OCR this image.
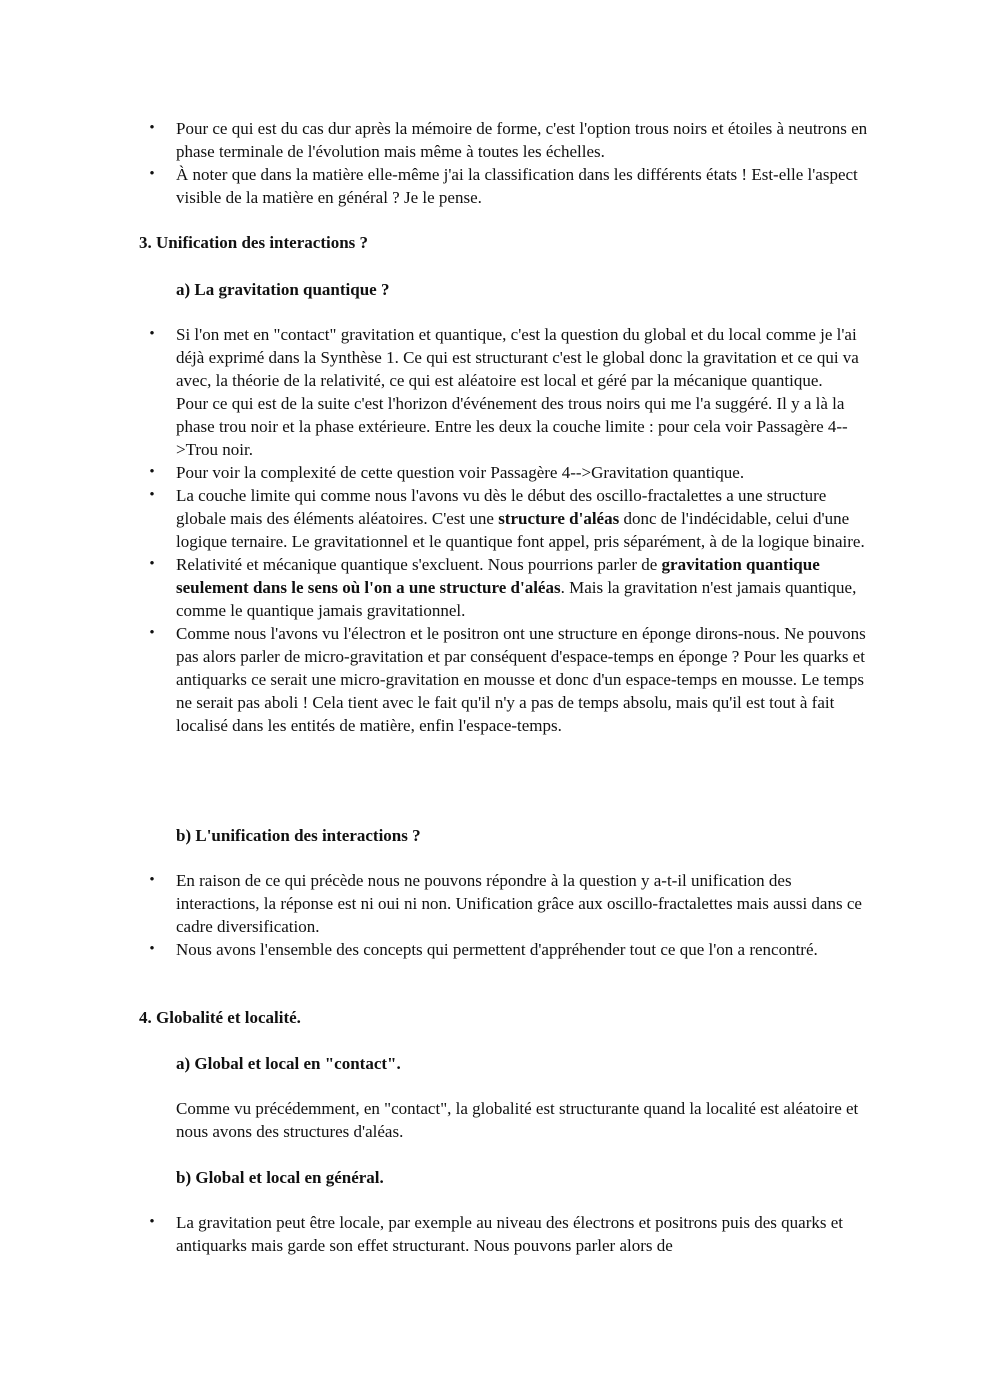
• Pour ce qui est du cas dur après la mémoire de forme, c'est l'option trous noirs et étoiles à neutrons en phase terminale de l'évolution mais même à toutes les échelles.
• À noter que dans la matière elle-même j'ai la classification dans les différents états ! Est-elle l'aspect visible de la matière en général ? Je le pense.
3. Unification des interactions ?
a) La gravitation quantique ?
• Si l'on met en "contact" gravitation et quantique, c'est la question du global et du local comme je l'ai déjà exprimé dans la Synthèse 1. Ce qui est structurant c'est le global donc la gravitation et ce qui va avec, la théorie de la relativité, ce qui est aléatoire est local et géré par la mécanique quantique.
Pour ce qui est de la suite c'est l'horizon d'événement des trous noirs qui me l'a suggéré. Il y a là la phase trou noir et la phase extérieure. Entre les deux la couche limite : pour cela voir Passagère 4-->Trou noir.
• Pour voir la complexité de cette question voir Passagère 4-->Gravitation quantique.
• La couche limite qui comme nous l'avons vu dès le début des oscillo-fractalettes a une structure globale mais des éléments aléatoires. C'est une structure d'aléas donc de l'indécidable, celui d'une logique ternaire. Le gravitationnel et le quantique font appel, pris séparément, à de la logique binaire.
• Relativité et mécanique quantique s'excluent. Nous pourrions parler de gravitation quantique seulement dans le sens où l'on a une structure d'aléas. Mais la gravitation n'est jamais quantique, comme le quantique jamais gravitationnel.
• Comme nous l'avons vu l'électron et le positron ont une structure en éponge dirons-nous. Ne pouvons pas alors parler de micro-gravitation et par conséquent d'espace-temps en éponge ? Pour les quarks et antiquarks ce serait une micro-gravitation en mousse et donc d'un espace-temps en mousse. Le temps ne serait pas aboli ! Cela tient avec le fait qu'il n'y a pas de temps absolu, mais qu'il est tout à fait localisé dans les entités de matière, enfin l'espace-temps.
b) L'unification des interactions ?
• En raison de ce qui précède nous ne pouvons répondre à la question y a-t-il unification des interactions, la réponse est ni oui ni non. Unification grâce aux oscillo-fractalettes mais aussi dans ce cadre diversification.
• Nous avons l'ensemble des concepts qui permettent d'appréhender tout ce que l'on a rencontré.
4. Globalité et localité.
a) Global et local en "contact".
Comme vu précédemment, en "contact", la globalité est structurante quand la localité est aléatoire et nous avons des structures d'aléas.
b) Global et local en général.
• La gravitation peut être locale, par exemple au niveau des électrons et positrons puis des quarks et antiquarks mais garde son effet structurant. Nous pouvons parler alors de
